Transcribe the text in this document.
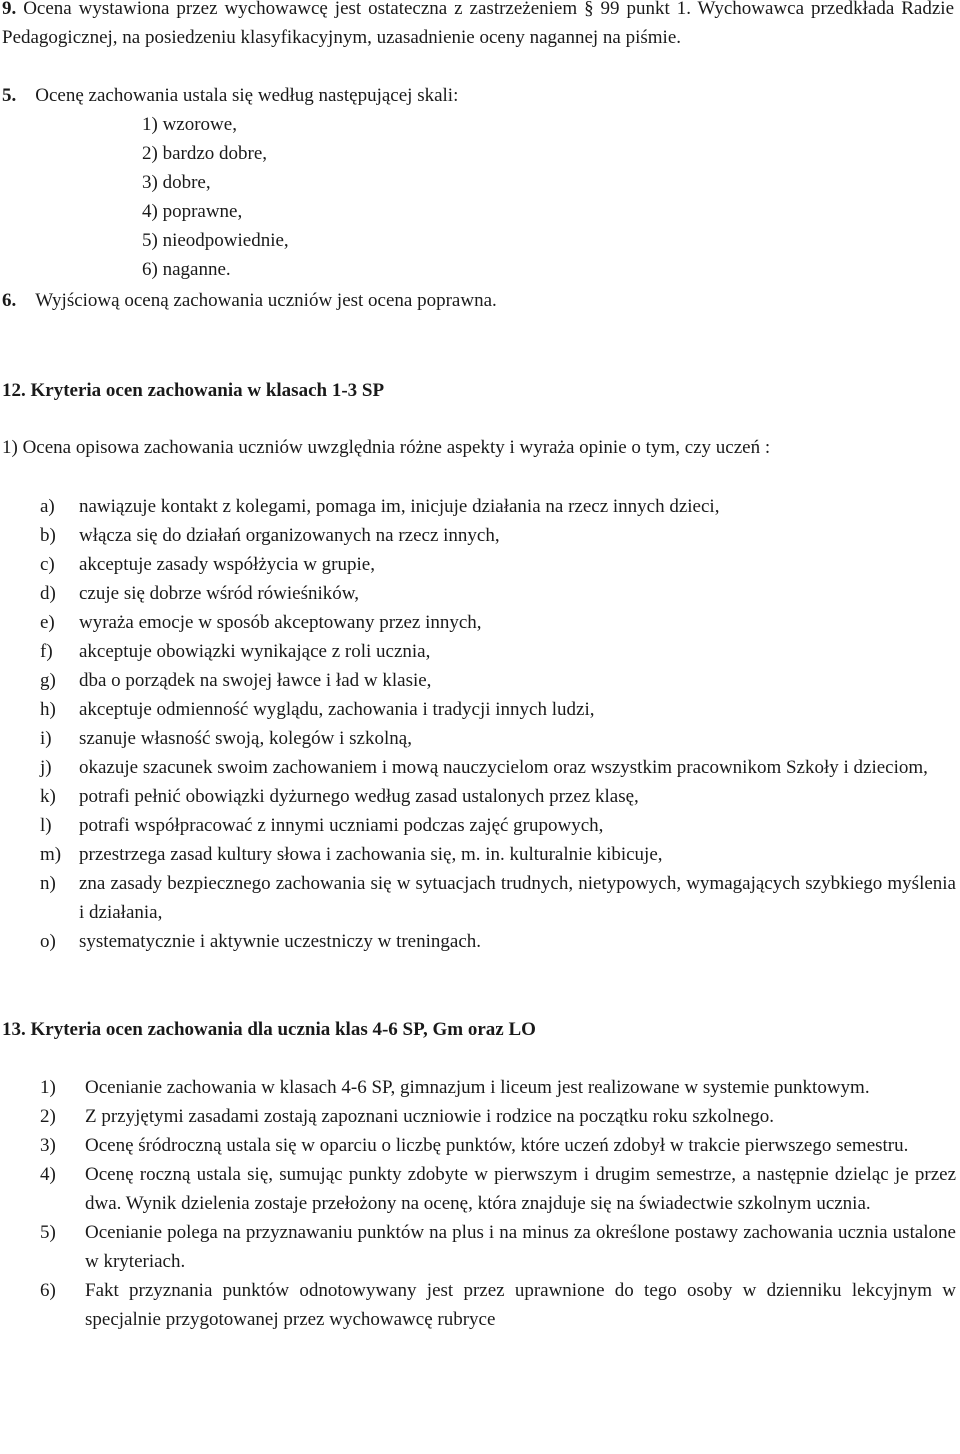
9. Ocena wystawiona przez wychowawcę jest ostateczna z zastrzeżeniem § 99 punkt 1. Wychowawca przedkłada Radzie Pedagogicznej, na posiedzeniu klasyfikacyjnym, uzasadnienie oceny nagannej na piśmie.
5. Ocenę zachowania ustala się według następującej skali:
1) wzorowe,
2) bardzo dobre,
3) dobre,
4) poprawne,
5) nieodpowiednie,
6) naganne.
6. Wyjściową oceną zachowania uczniów jest ocena poprawna.
12. Kryteria ocen zachowania w klasach 1-3 SP
1) Ocena opisowa zachowania uczniów uwzględnia różne aspekty i wyraża opinie o tym, czy uczeń :
a)	nawiązuje kontakt z kolegami, pomaga im, inicjuje działania na rzecz innych dzieci,
b)	włącza się do działań organizowanych na rzecz innych,
c)	akceptuje zasady współżycia w grupie,
d)	czuje się dobrze wśród rówieśników,
e)	wyraża emocje w sposób akceptowany przez innych,
f)	akceptuje obowiązki wynikające z roli ucznia,
g)	dba o porządek na swojej ławce i ład w klasie,
h)	akceptuje odmienność wyglądu, zachowania i tradycji innych ludzi,
i)	szanuje własność swoją, kolegów i szkolną,
j)	okazuje szacunek swoim zachowaniem i mową nauczycielom oraz wszystkim pracownikom Szkoły i dzieciom,
k)	potrafi pełnić obowiązki dyżurnego według zasad ustalonych przez klasę,
l)	potrafi współpracować z innymi uczniami podczas zajęć grupowych,
m) przestrzega zasad kultury słowa i zachowania się, m. in. kulturalnie kibicuje,
n)	zna zasady bezpiecznego zachowania się w sytuacjach trudnych, nietypowych, wymagających szybkiego myślenia i działania,
o)	systematycznie i aktywnie uczestniczy w treningach.
13. Kryteria ocen zachowania dla ucznia klas 4-6 SP, Gm oraz LO
1)	Ocenianie zachowania w klasach 4-6 SP, gimnazjum i liceum jest realizowane w systemie punktowym.
2)	Z przyjętymi zasadami zostają zapoznani uczniowie i rodzice na początku roku szkolnego.
3)	Ocenę śródroczną ustala się w oparciu o liczbę punktów, które uczeń zdobył w trakcie pierwszego semestru.
4)	Ocenę roczną ustala się, sumując punkty zdobyte w pierwszym i drugim semestrze, a następnie dzieląc je przez dwa. Wynik dzielenia zostaje przełożony na ocenę, która znajduje się na świadectwie szkolnym ucznia.
5)	Ocenianie polega na przyznawaniu punktów na plus i na minus za określone postawy zachowania ucznia ustalone w kryteriach.
6)	Fakt przyznania punktów odnotowywany jest przez uprawnione do tego osoby w dzienniku lekcyjnym w specjalnie przygotowanej przez wychowawcę rubryce
